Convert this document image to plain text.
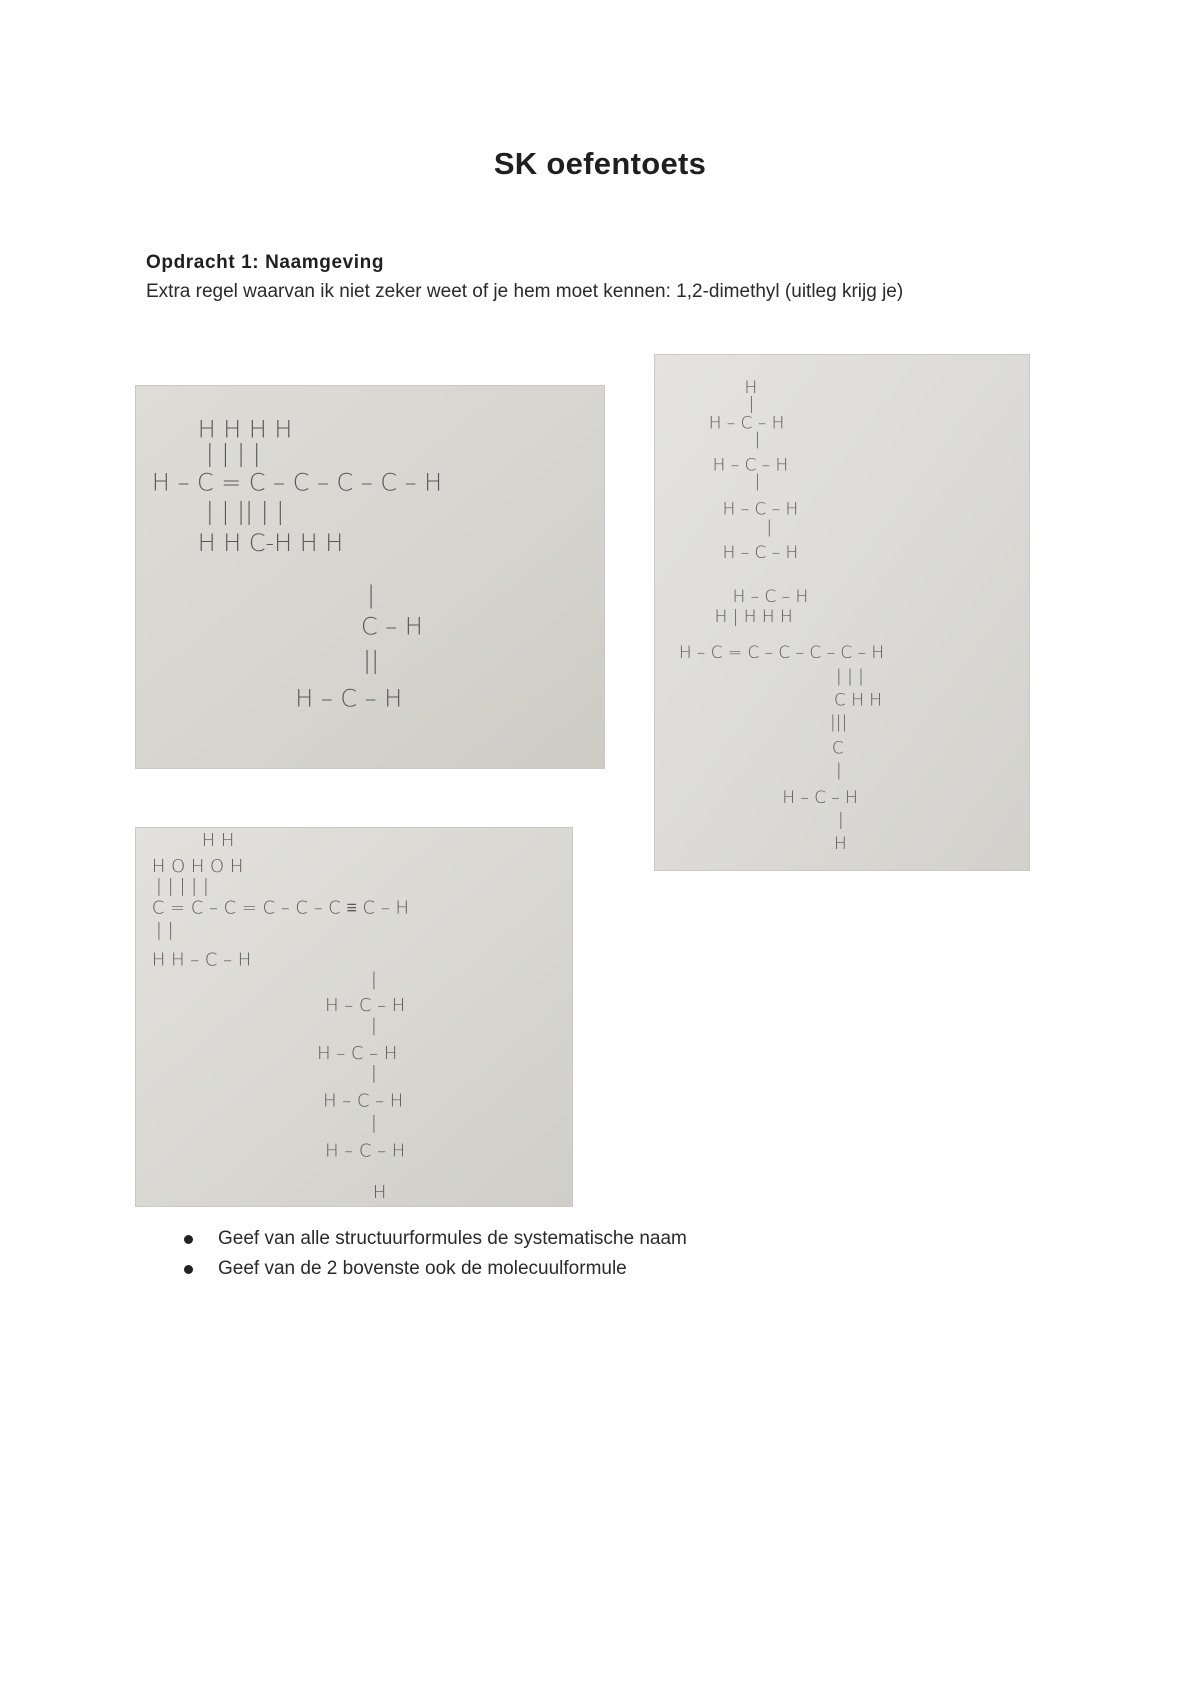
SK oefentoets
Opdracht 1: Naamgeving
Extra regel waarvan ik niet zeker weet of je hem moet kennen: 1,2-dimethyl (uitleg krijg je)
H H H H
| | | |
H – C = C – C – C – C – H
| | || | |
H H C-H H H
|
C – H
||
H – C – H
H
|
H – C – H
|
H – C – H
|
H – C – H
|
H – C – H
H – C – H
H | H H H
H – C = C – C – C – C – H
| | |
C H H
|||
C
|
H – C – H
|
H
H H
H O H O H
| | | | |
C = C – C = C – C – C ≡ C – H
| |
H H – C – H
|
H – C – H
|
H – C – H
|
H – C – H
|
H – C – H
H
Geef van alle structuurformules de systematische naam
Geef van de 2 bovenste ook de molecuulformule
